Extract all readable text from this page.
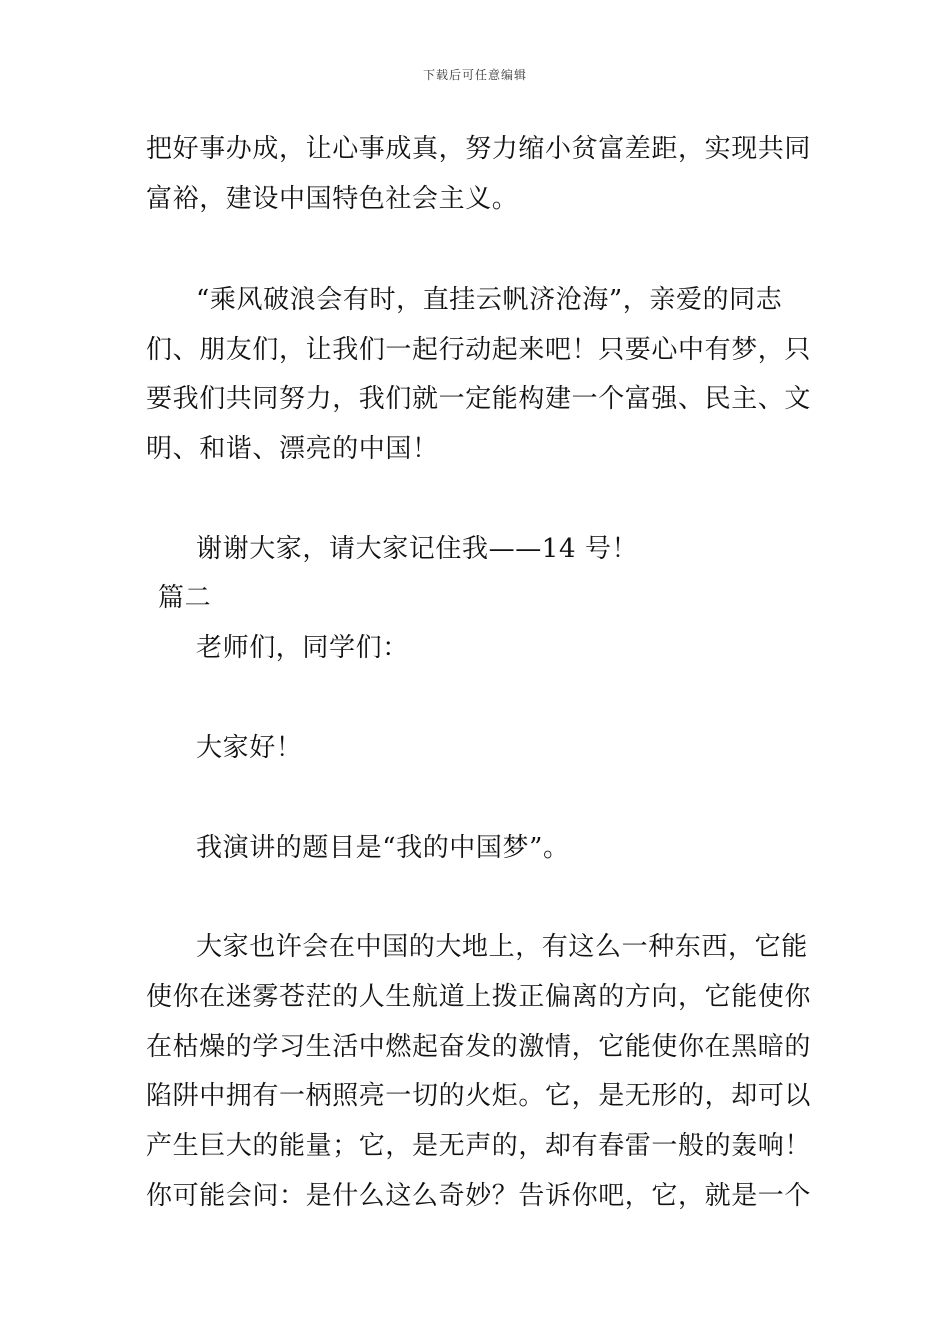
下载后可任意编辑
把好事办成，让心事成真，努力缩小贫富差距，实现共同
富裕，建设中国特色社会主义。
“乘风破浪会有时，直挂云帆济沧海”，亲爱的同志
们、朋友们，让我们一起行动起来吧！只要心中有梦，只
要我们共同努力，我们就一定能构建一个富强、民主、文
明、和谐、漂亮的中国！
谢谢大家，请大家记住我——14 号！
篇二
老师们，同学们：
大家好！
我演讲的题目是“我的中国梦”。
大家也许会在中国的大地上，有这么一种东西，它能
使你在迷雾苍茫的人生航道上拨正偏离的方向，它能使你
在枯燥的学习生活中燃起奋发的激情，它能使你在黑暗的
陷阱中拥有一柄照亮一切的火炬。它，是无形的，却可以
产生巨大的能量；它，是无声的，却有春雷一般的轰响！
你可能会问：是什么这么奇妙？告诉你吧，它，就是一个
